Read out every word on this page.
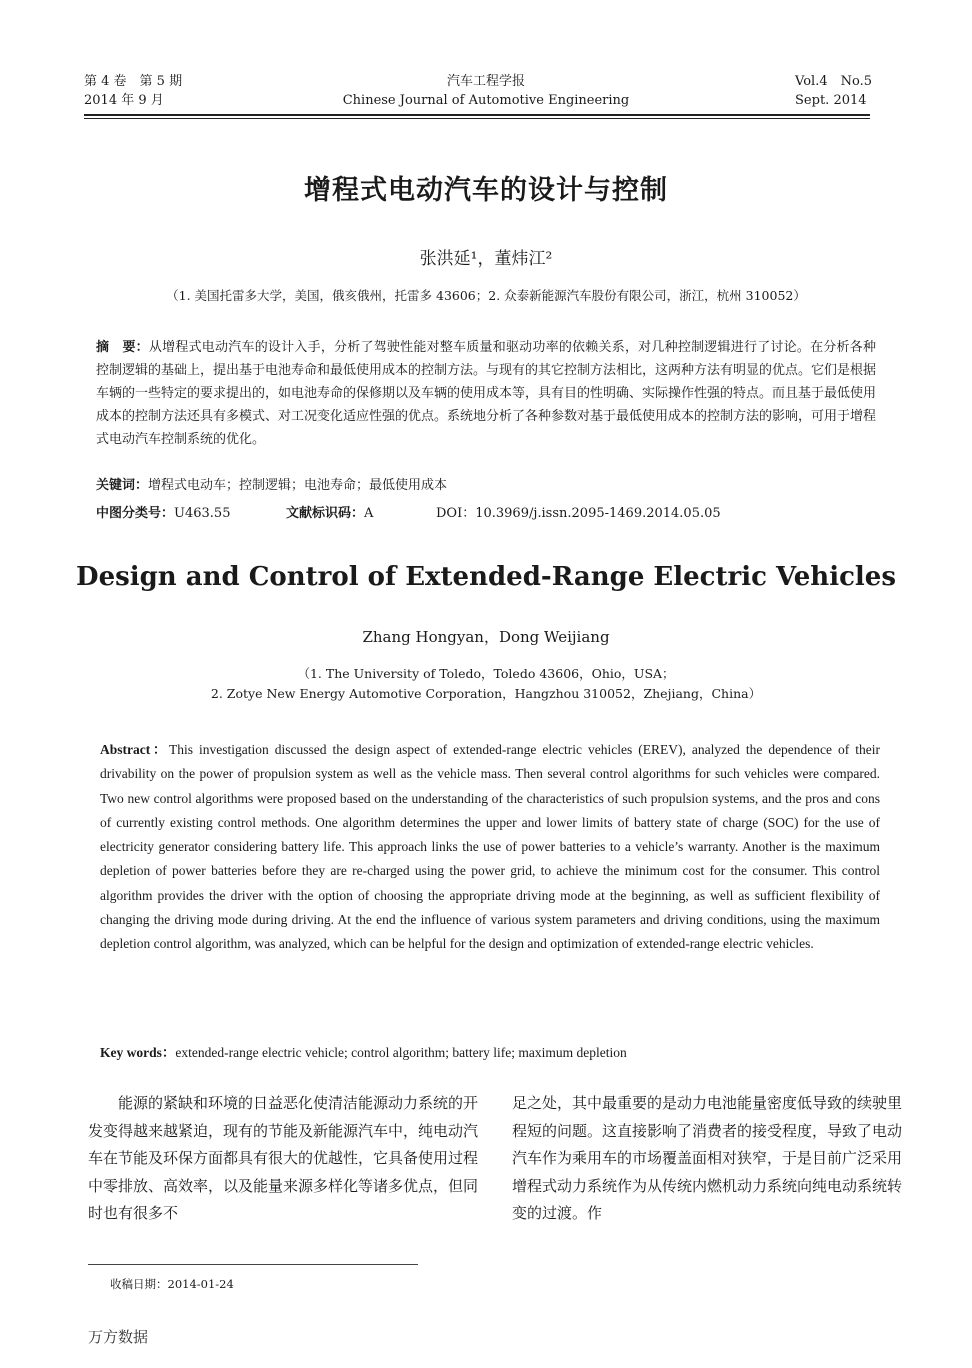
第 4 卷　第 5 期
2014 年 9 月
汽车工程学报
Chinese Journal of Automotive Engineering
Vol.4　No.5
Sept. 2014
增程式电动汽车的设计与控制
张洪延¹，董炜江²
（1. 美国托雷多大学，美国，俄亥俄州，托雷多 43606；2. 众泰新能源汽车股份有限公司，浙江，杭州 310052）
摘　要：从增程式电动汽车的设计入手，分析了驾驶性能对整车质量和驱动功率的依赖关系，对几种控制逻辑进行了讨论。在分析各种控制逻辑的基础上，提出基于电池寿命和最低使用成本的控制方法。与现有的其它控制方法相比，这两种方法有明显的优点。它们是根据车辆的一些特定的要求提出的，如电池寿命的保修期以及车辆的使用成本等，具有目的性明确、实际操作性强的特点。而且基于最低使用成本的控制方法还具有多模式、对工况变化适应性强的优点。系统地分析了各种参数对基于最低使用成本的控制方法的影响，可用于增程式电动汽车控制系统的优化。
关键词：增程式电动车；控制逻辑；电池寿命；最低使用成本
中图分类号：U463.55	文献标识码：A	DOI：10.3969/j.issn.2095-1469.2014.05.05
Design and Control of Extended-Range Electric Vehicles
Zhang Hongyan，Dong Weijiang
（1. The University of Toledo，Toledo 43606，Ohio，USA；
2. Zotye New Energy Automotive Corporation，Hangzhou 310052，Zhejiang，China）
Abstract：This investigation discussed the design aspect of extended-range electric vehicles (EREV), analyzed the dependence of their drivability on the power of propulsion system as well as the vehicle mass. Then several control algorithms for such vehicles were compared. Two new control algorithms were proposed based on the understanding of the characteristics of such propulsion systems, and the pros and cons of currently existing control methods. One algorithm determines the upper and lower limits of battery state of charge (SOC) for the use of electricity generator considering battery life. This approach links the use of power batteries to a vehicle’s warranty. Another is the maximum depletion of power batteries before they are re-charged using the power grid, to achieve the minimum cost for the consumer. This control algorithm provides the driver with the option of choosing the appropriate driving mode at the beginning, as well as sufficient flexibility of changing the driving mode during driving. At the end the influence of various system parameters and driving conditions, using the maximum depletion control algorithm, was analyzed, which can be helpful for the design and optimization of extended-range electric vehicles.
Key words：extended-range electric vehicle; control algorithm; battery life; maximum depletion
能源的紧缺和环境的日益恶化使清洁能源动力系统的开发变得越来越紧迫，现有的节能及新能源汽车中，纯电动汽车在节能及环保方面都具有很大的优越性，它具备使用过程中零排放、高效率，以及能量来源多样化等诸多优点，但同时也有很多不
足之处，其中最重要的是动力电池能量密度低导致的续驶里程短的问题。这直接影响了消费者的接受程度，导致了电动汽车作为乘用车的市场覆盖面相对狭窄，于是目前广泛采用增程式动力系统作为从传统内燃机动力系统向纯电动系统转变的过渡。作
收稿日期：2014-01-24
万方数据
